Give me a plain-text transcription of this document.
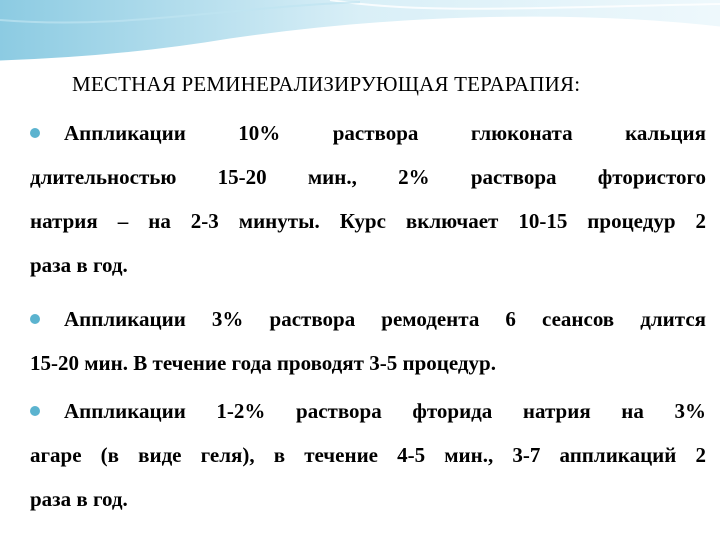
МЕСТНАЯ РЕМИНЕРАЛИЗИРУЮЩАЯ ТЕРАРАПИЯ:
Аппликации 10% раствора глюконата кальция
длительностью 15-20 мин., 2% раствора фтористого
натрия – на 2-3 минуты. Курс включает 10-15 процедур 2
раза в год.
Аппликации 3% раствора ремодента 6 сеансов длится
15-20 мин. В течение года проводят 3-5 процедур.
Аппликации 1-2% раствора фторида натрия на 3%
агаре (в виде геля), в течение 4-5 мин., 3-7 аппликаций 2
раза в год.
